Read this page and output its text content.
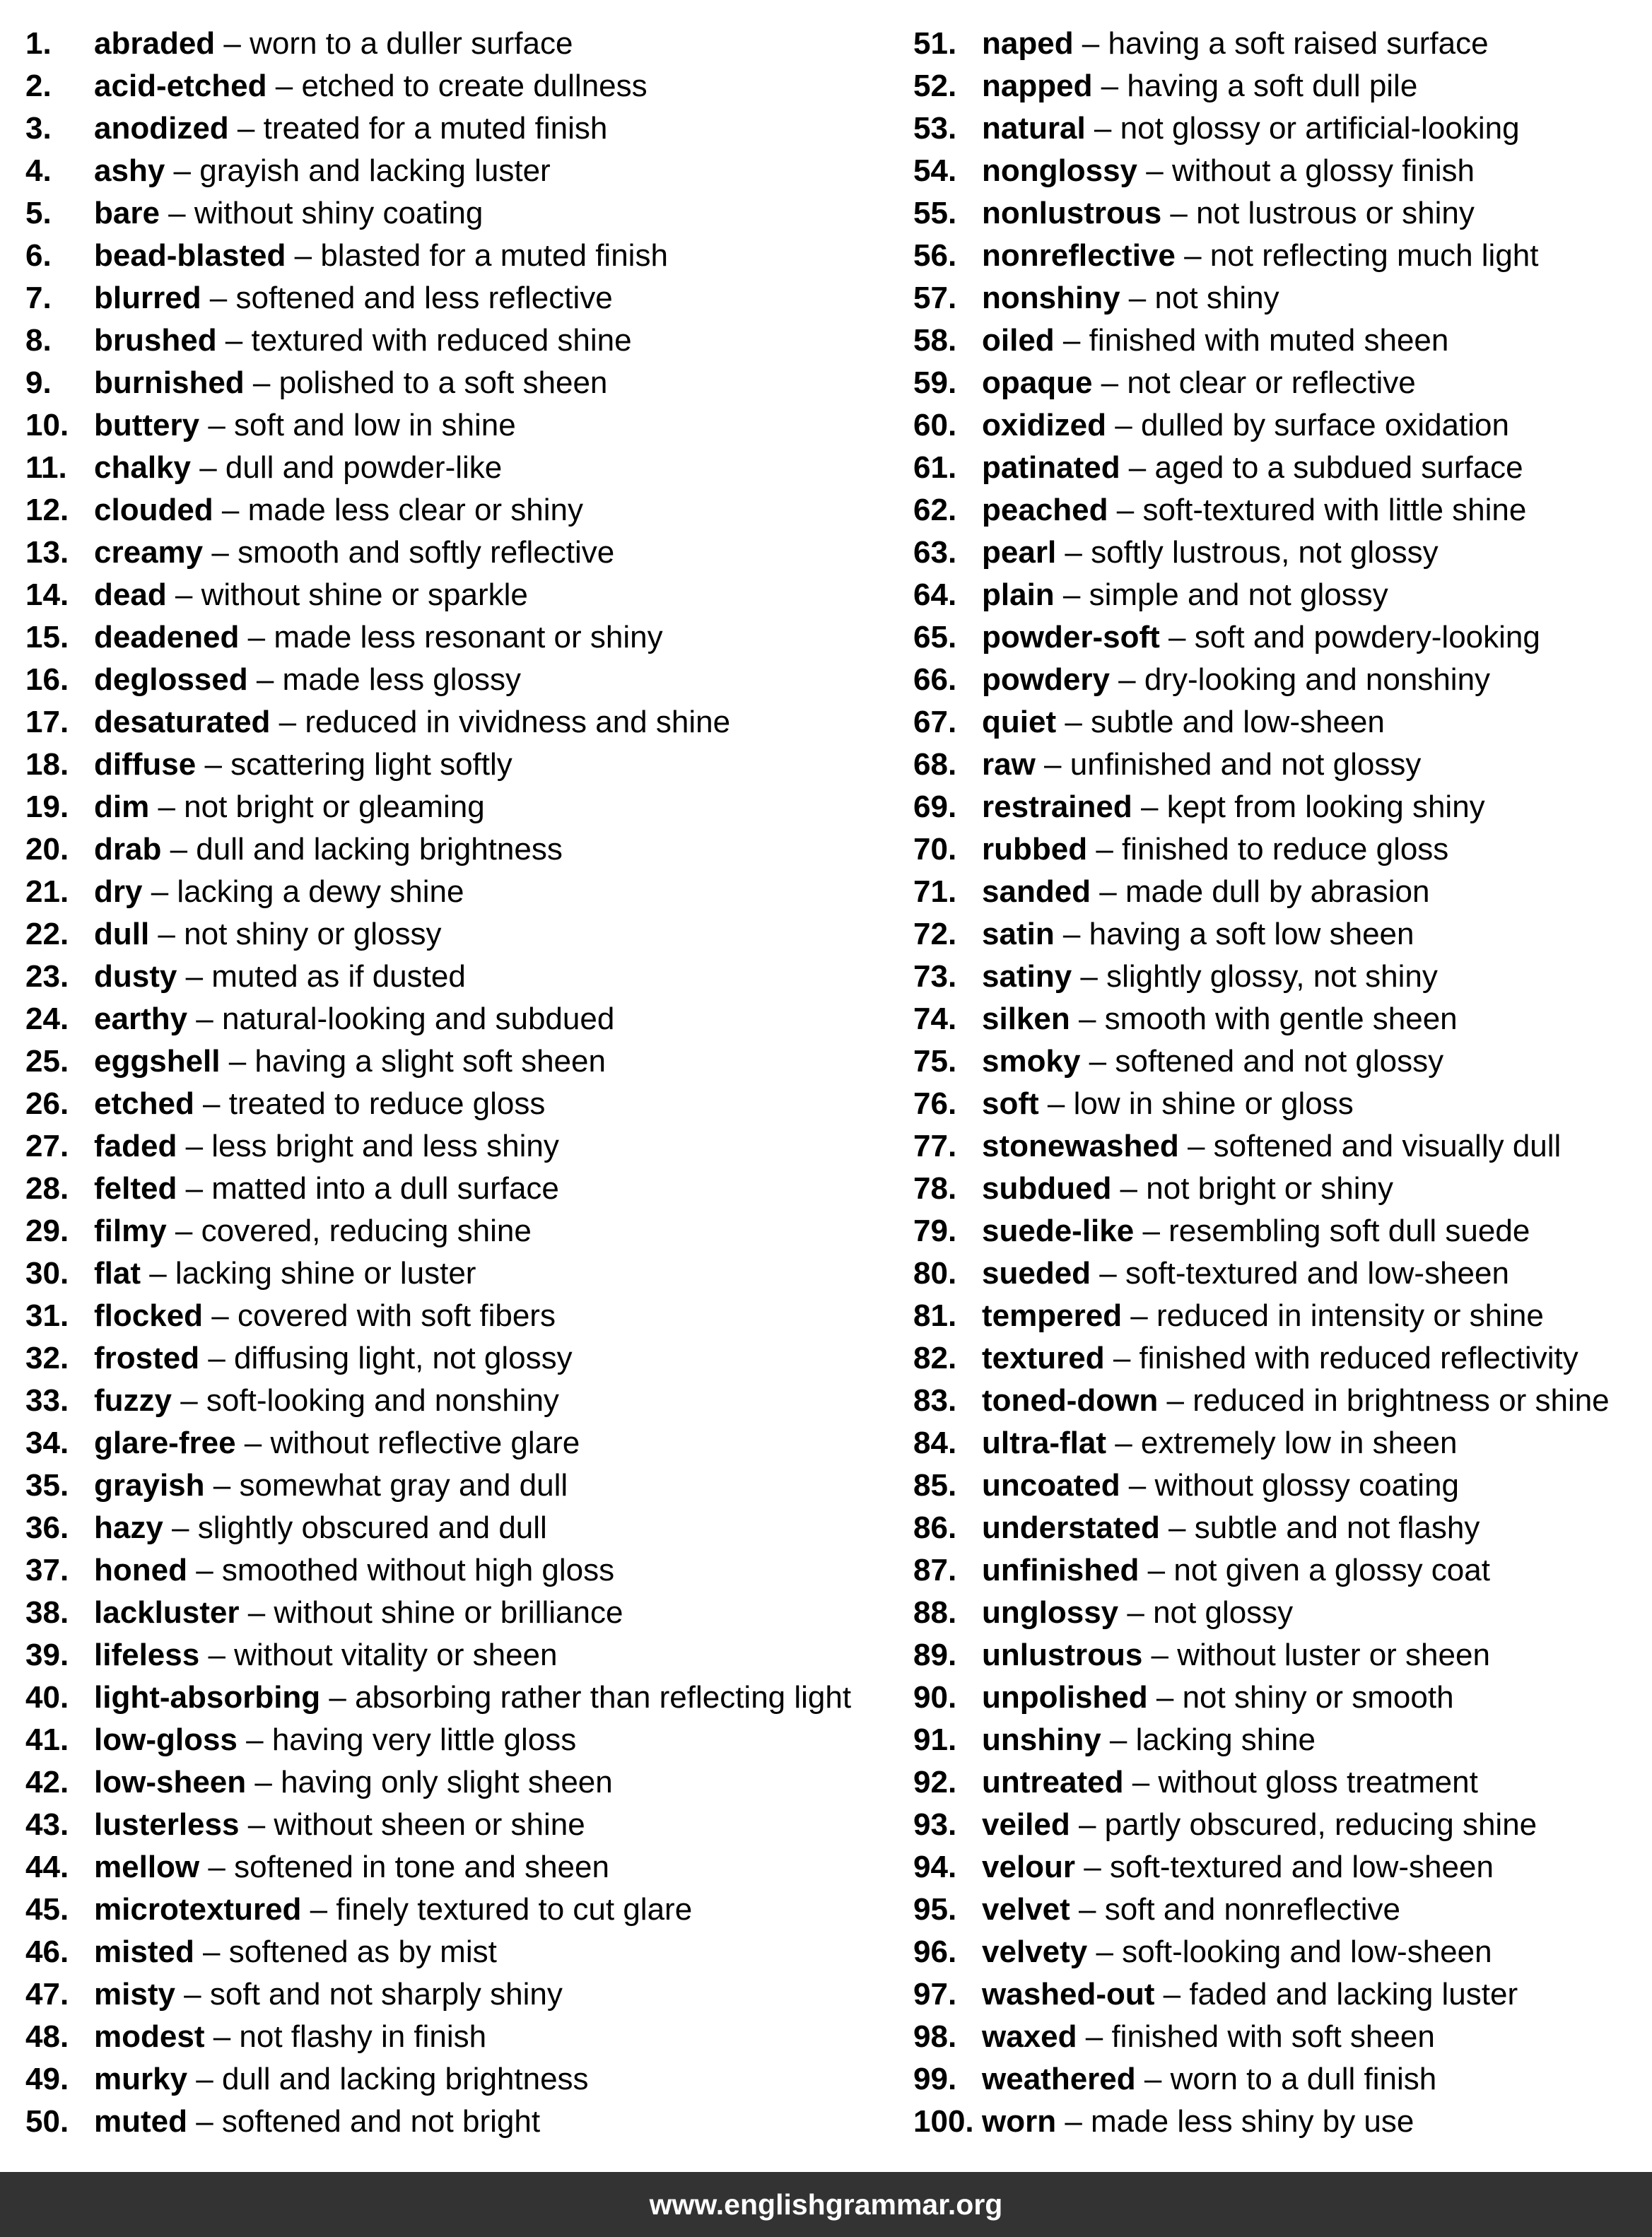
1. abraded – worn to a duller surface
2. acid-etched – etched to create dullness
3. anodized – treated for a muted finish
4. ashy – grayish and lacking luster
5. bare – without shiny coating
6. bead-blasted – blasted for a muted finish
7. blurred – softened and less reflective
8. brushed – textured with reduced shine
9. burnished – polished to a soft sheen
10. buttery – soft and low in shine
11. chalky – dull and powder-like
12. clouded – made less clear or shiny
13. creamy – smooth and softly reflective
14. dead – without shine or sparkle
15. deadened – made less resonant or shiny
16. deglossed – made less glossy
17. desaturated – reduced in vividness and shine
18. diffuse – scattering light softly
19. dim – not bright or gleaming
20. drab – dull and lacking brightness
21. dry – lacking a dewy shine
22. dull – not shiny or glossy
23. dusty – muted as if dusted
24. earthy – natural-looking and subdued
25. eggshell – having a slight soft sheen
26. etched – treated to reduce gloss
27. faded – less bright and less shiny
28. felted – matted into a dull surface
29. filmy – covered, reducing shine
30. flat – lacking shine or luster
31. flocked – covered with soft fibers
32. frosted – diffusing light, not glossy
33. fuzzy – soft-looking and nonshiny
34. glare-free – without reflective glare
35. grayish – somewhat gray and dull
36. hazy – slightly obscured and dull
37. honed – smoothed without high gloss
38. lackluster – without shine or brilliance
39. lifeless – without vitality or sheen
40. light-absorbing – absorbing rather than reflecting light
41. low-gloss – having very little gloss
42. low-sheen – having only slight sheen
43. lusterless – without sheen or shine
44. mellow – softened in tone and sheen
45. microtextured – finely textured to cut glare
46. misted – softened as by mist
47. misty – soft and not sharply shiny
48. modest – not flashy in finish
49. murky – dull and lacking brightness
50. muted – softened and not bright
51. naped – having a soft raised surface
52. napped – having a soft dull pile
53. natural – not glossy or artificial-looking
54. nonglossy – without a glossy finish
55. nonlustrous – not lustrous or shiny
56. nonreflective – not reflecting much light
57. nonshiny – not shiny
58. oiled – finished with muted sheen
59. opaque – not clear or reflective
60. oxidized – dulled by surface oxidation
61. patinated – aged to a subdued surface
62. peached – soft-textured with little shine
63. pearl – softly lustrous, not glossy
64. plain – simple and not glossy
65. powder-soft – soft and powdery-looking
66. powdery – dry-looking and nonshiny
67. quiet – subtle and low-sheen
68. raw – unfinished and not glossy
69. restrained – kept from looking shiny
70. rubbed – finished to reduce gloss
71. sanded – made dull by abrasion
72. satin – having a soft low sheen
73. satiny – slightly glossy, not shiny
74. silken – smooth with gentle sheen
75. smoky – softened and not glossy
76. soft – low in shine or gloss
77. stonewashed – softened and visually dull
78. subdued – not bright or shiny
79. suede-like – resembling soft dull suede
80. sueded – soft-textured and low-sheen
81. tempered – reduced in intensity or shine
82. textured – finished with reduced reflectivity
83. toned-down – reduced in brightness or shine
84. ultra-flat – extremely low in sheen
85. uncoated – without glossy coating
86. understated – subtle and not flashy
87. unfinished – not given a glossy coat
88. unglossy – not glossy
89. unlustrous – without luster or sheen
90. unpolished – not shiny or smooth
91. unshiny – lacking shine
92. untreated – without gloss treatment
93. veiled – partly obscured, reducing shine
94. velour – soft-textured and low-sheen
95. velvet – soft and nonreflective
96. velvety – soft-looking and low-sheen
97. washed-out – faded and lacking luster
98. waxed – finished with soft sheen
99. weathered – worn to a dull finish
100. worn – made less shiny by use
www.englishgrammar.org
